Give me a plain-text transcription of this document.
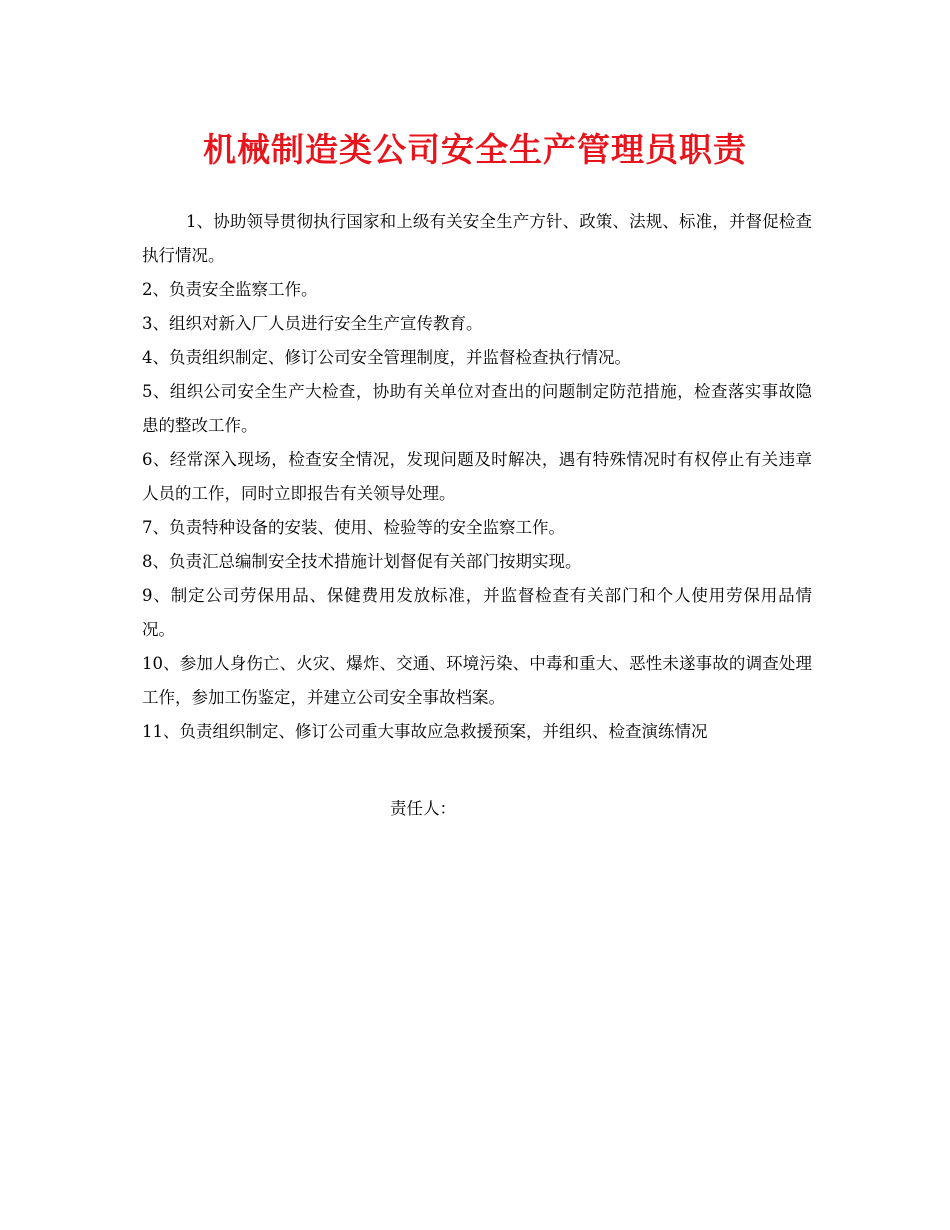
机械制造类公司安全生产管理员职责

1、协助领导贯彻执行国家和上级有关安全生产方针、政策、法规、标准，并督促检查执行情况。

2、负责安全监察工作。

3、组织对新入厂人员进行安全生产宣传教育。

4、负责组织制定、修订公司安全管理制度，并监督检查执行情况。

5、组织公司安全生产大检查，协助有关单位对查出的问题制定防范措施，检查落实事故隐患的整改工作。

6、经常深入现场，检查安全情况，发现问题及时解决，遇有特殊情况时有权停止有关违章人员的工作，同时立即报告有关领导处理。

7、负责特种设备的安装、使用、检验等的安全监察工作。

8、负责汇总编制安全技术措施计划督促有关部门按期实现。

9、制定公司劳保用品、保健费用发放标准，并监督检查有关部门和个人使用劳保用品情况。

10、参加人身伤亡、火灾、爆炸、交通、环境污染、中毒和重大、恶性未遂事故的调查处理工作，参加工伤鉴定，并建立公司安全事故档案。

11、负责组织制定、修订公司重大事故应急救援预案，并组织、检查演练情况

责任人：
